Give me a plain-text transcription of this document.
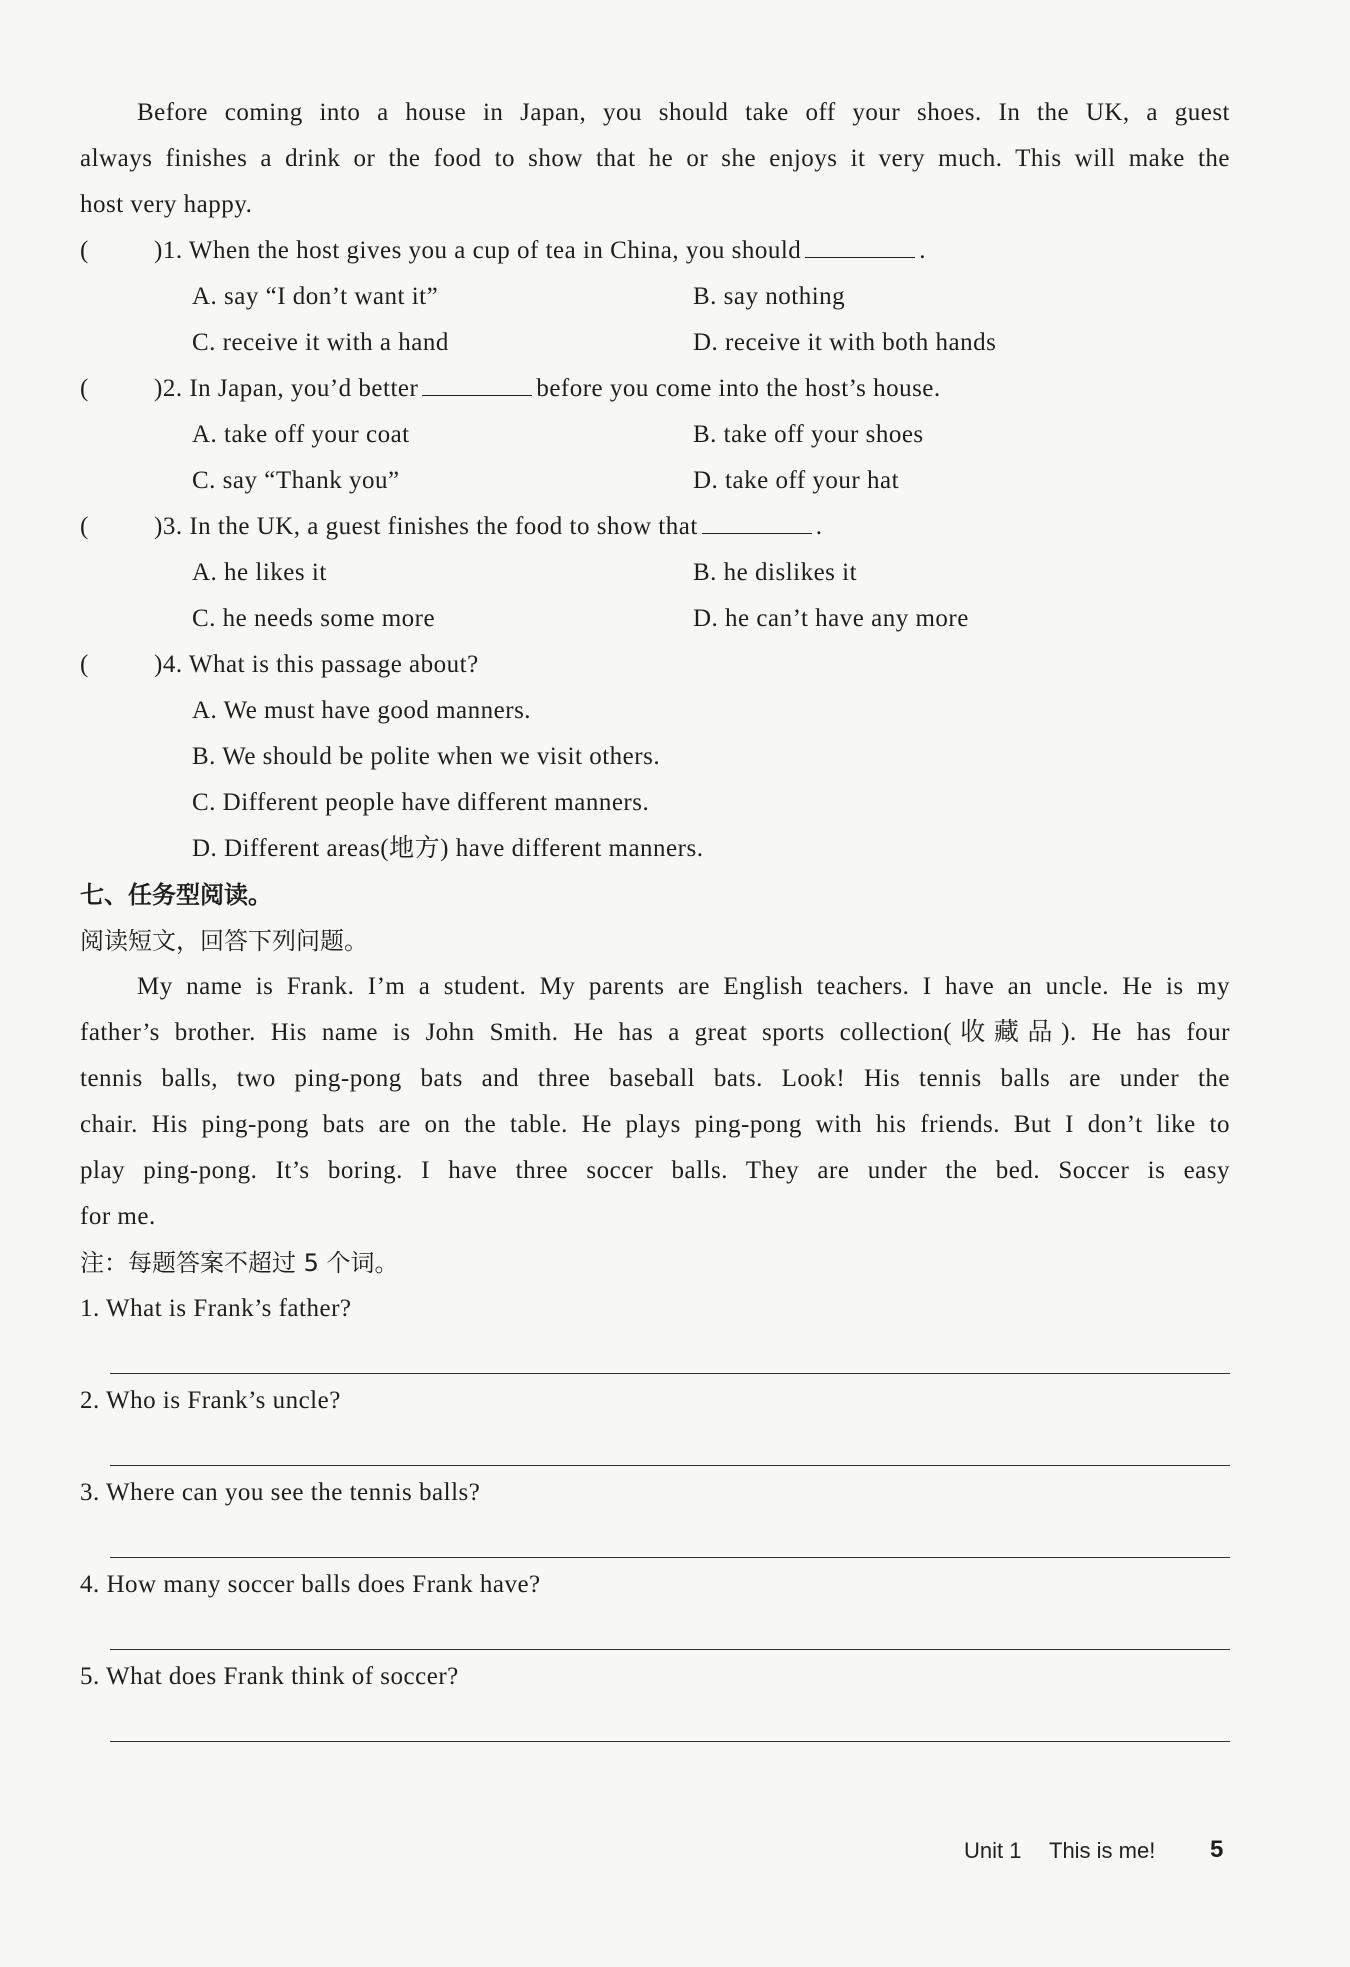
Before coming into a house in Japan, you should take off your shoes. In the UK, a guest
always finishes a drink or the food to show that he or she enjoys it very much. This will make the
host very happy.
(	)1. When the host gives you a cup of tea in China, you should	.
A. say “I don’t want it”	B. say nothing
C. receive it with a hand	D. receive it with both hands
(	)2. In Japan, you’d better	before you come into the host’s house.
A. take off your coat	B. take off your shoes
C. say “Thank you”	D. take off your hat
(	)3. In the UK, a guest finishes the food to show that	.
A. he likes it	B. he dislikes it
C. he needs some more	D. he can’t have any more
(	)4. What is this passage about?
A. We must have good manners.
B. We should be polite when we visit others.
C. Different people have different manners.
D. Different areas(地方) have different manners.
七、任务型阅读。
阅读短文，回答下列问题。
My name is Frank. I’m a student. My parents are English teachers. I have an uncle. He is my
father’s brother. His name is John Smith. He has a great sports collection(收藏品). He has four
tennis balls, two ping-pong bats and three baseball bats. Look! His tennis balls are under the
chair. His ping-pong bats are on the table. He plays ping-pong with his friends. But I don’t like to
play ping-pong. It’s boring. I have three soccer balls. They are under the bed. Soccer is easy
for me.
注：每题答案不超过 5 个词。
1. What is Frank’s father?
2. Who is Frank’s uncle?
3. Where can you see the tennis balls?
4. How many soccer balls does Frank have?
5. What does Frank think of soccer?
Unit 1 This is me! 5
